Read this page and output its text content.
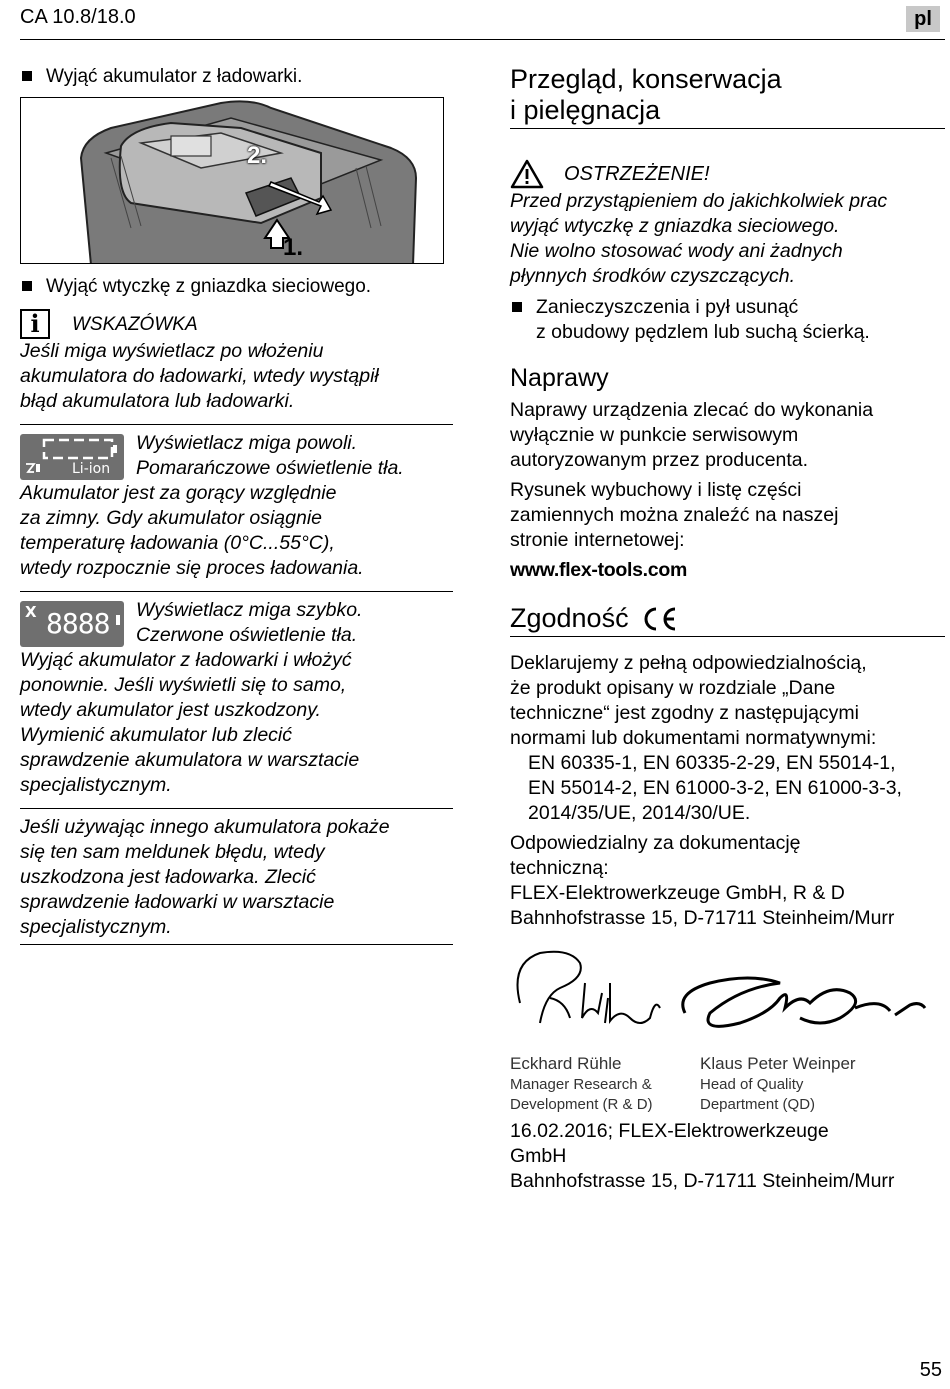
CA 10.8/18.0	pl
Wyjąć akumulator z ładowarki.
2.
1.
Wyjąć wtyczkę z gniazdka sieciowego.
i	WSKAZÓWKA
Jeśli miga wyświetlacz po włożeniu
akumulatora do ładowarki, wtedy wystąpił
błąd akumulatora lub ładowarki.
Li-ion
Wyświetlacz miga powoli.
Pomarańczowe oświetlenie tła.
Akumulator jest za gorący względnie
za zimny. Gdy akumulator osiągnie
temperaturę ładowania (0°C...55°C),
wtedy rozpocznie się proces ładowania.
X 8888 Wyświetlacz miga szybko.
Czerwone oświetlenie tła.
Wyjąć akumulator z ładowarki i włożyć
ponownie. Jeśli wyświetli się to samo,
wtedy akumulator jest uszkodzony.
Wymienić akumulator lub zlecić
sprawdzenie akumulatora w warsztacie
specjalistycznym.
Jeśli używając innego akumulatora pokaże
się ten sam meldunek błędu, wtedy
uszkodzona jest ładowarka. Zlecić
sprawdzenie ładowarki w warsztacie
specjalistycznym.
Przegląd, konserwacja
i pielęgnacja
OSTRZEŻENIE!
Przed przystąpieniem do jakichkolwiek prac
wyjąć wtyczkę z gniazdka sieciowego.
Nie wolno stosować wody ani żadnych
płynnych środków czyszczących.
Zanieczyszczenia i pył usunąć
z obudowy pędzlem lub suchą ścierką.
Naprawy
Naprawy urządzenia zlecać do wykonania
wyłącznie w punkcie serwisowym
autoryzowanym przez producenta.
Rysunek wybuchowy i listę części
zamiennych można znaleźć na naszej
stronie internetowej:
www.flex-tools.com
Zgodność
Deklarujemy z pełną odpowiedzialnością,
że produkt opisany w rozdziale „Dane
techniczne“ jest zgodny z następującymi
normami lub dokumentami normatywnymi:
EN 60335-1, EN 60335-2-29, EN 55014-1,
EN 55014-2, EN 61000-3-2, EN 61000-3-3,
2014/35/UE, 2014/30/UE.
Odpowiedzialny za dokumentację
techniczną:
FLEX-Elektrowerkzeuge GmbH, R & D
Bahnhofstrasse 15, D-71711 Steinheim/Murr
Eckhard Rühle
Manager Research &
Development (R & D)
Klaus Peter Weinper
Head of Quality
Department (QD)
16.02.2016; FLEX-Elektrowerkzeuge
GmbH
Bahnhofstrasse 15, D-71711 Steinheim/Murr
55
